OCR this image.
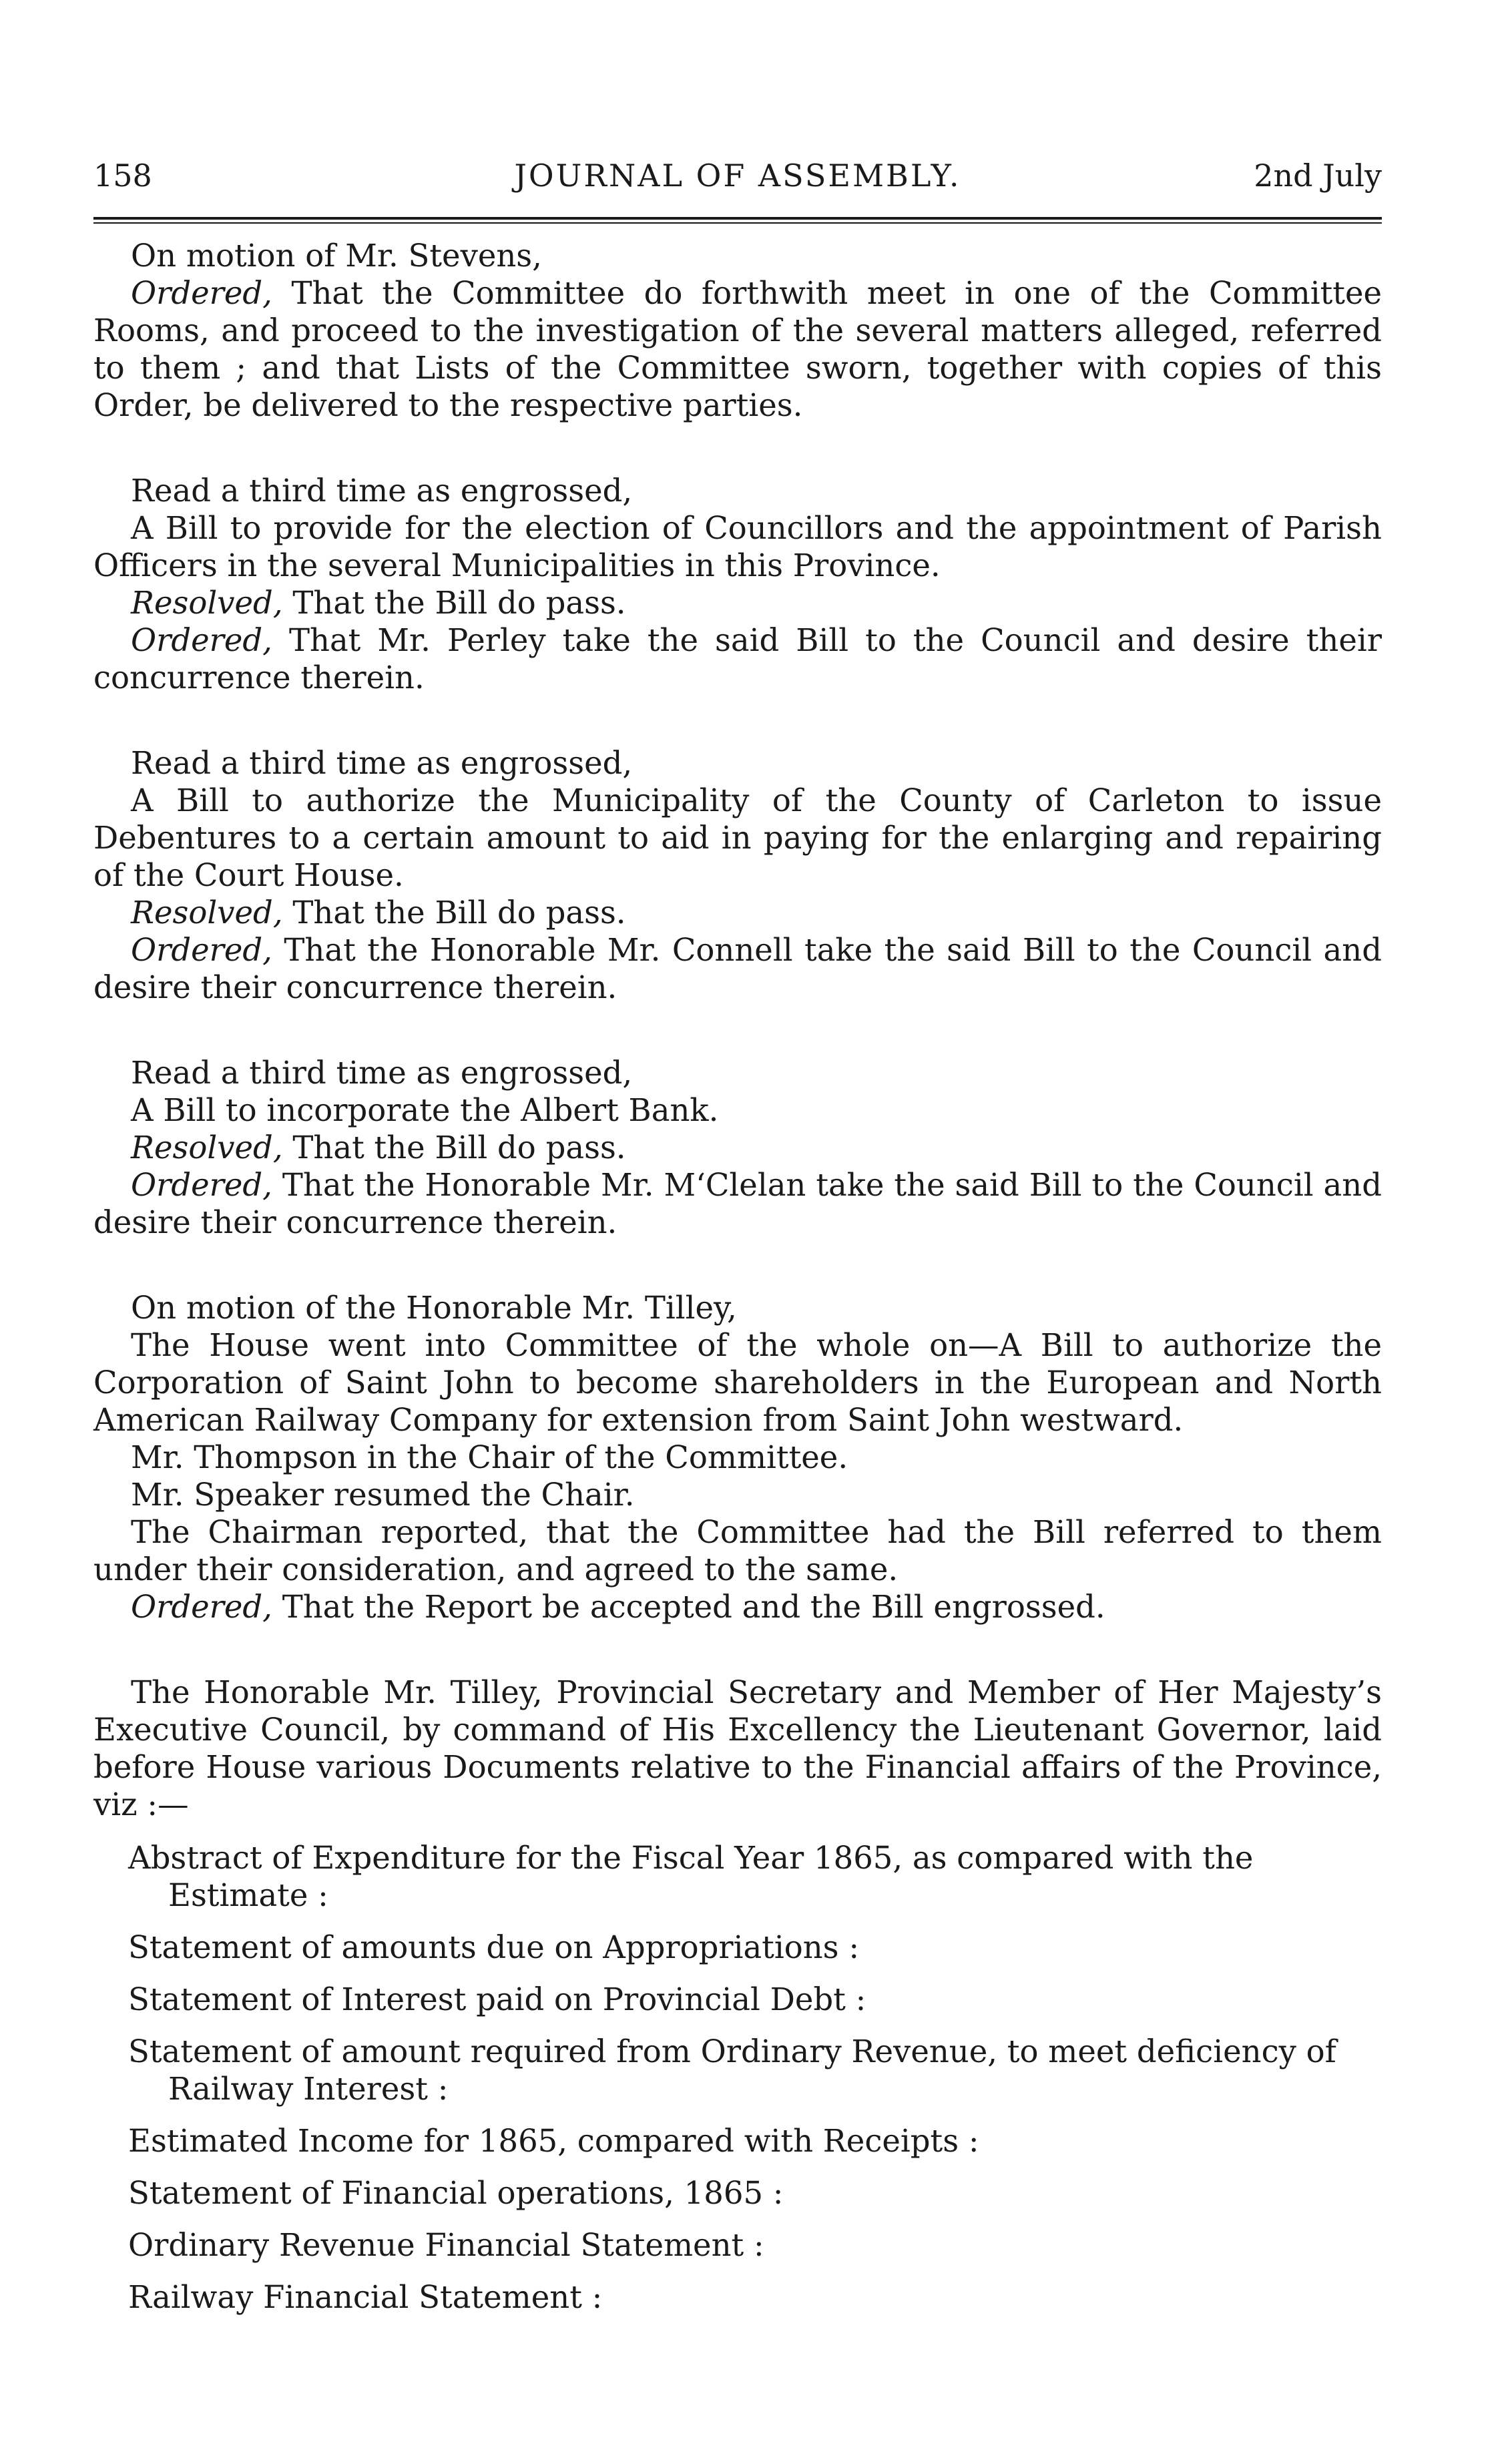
158	JOURNAL OF ASSEMBLY.	2nd July

On motion of Mr. Stevens,

Ordered, That the Committee do forthwith meet in one of the Committee Rooms, and proceed to the investigation of the several matters alleged, referred to them ; and that Lists of the Committee sworn, together with copies of this Order, be delivered to the respective parties.

Read a third time as engrossed,

A Bill to provide for the election of Councillors and the appointment of Parish Officers in the several Municipalities in this Province.

Resolved, That the Bill do pass.

Ordered, That Mr. Perley take the said Bill to the Council and desire their concurrence therein.

Read a third time as engrossed,

A Bill to authorize the Municipality of the County of Carleton to issue Debentures to a certain amount to aid in paying for the enlarging and repairing of the Court House.

Resolved, That the Bill do pass.

Ordered, That the Honorable Mr. Connell take the said Bill to the Council and desire their concurrence therein.

Read a third time as engrossed,

A Bill to incorporate the Albert Bank.

Resolved, That the Bill do pass.

Ordered, That the Honorable Mr. M‘Clelan take the said Bill to the Council and desire their concurrence therein.

On motion of the Honorable Mr. Tilley,

The House went into Committee of the whole on—A Bill to authorize the Corporation of Saint John to become shareholders in the European and North American Railway Company for extension from Saint John westward.

Mr. Thompson in the Chair of the Committee.

Mr. Speaker resumed the Chair.

The Chairman reported, that the Committee had the Bill referred to them under their consideration, and agreed to the same.

Ordered, That the Report be accepted and the Bill engrossed.

The Honorable Mr. Tilley, Provincial Secretary and Member of Her Majesty’s Executive Council, by command of His Excellency the Lieutenant Governor, laid before House various Documents relative to the Financial affairs of the Province, viz :—

Abstract of Expenditure for the Fiscal Year 1865, as compared with the Estimate :
Statement of amounts due on Appropriations :
Statement of Interest paid on Provincial Debt :
Statement of amount required from Ordinary Revenue, to meet deficiency of Railway Interest :
Estimated Income for 1865, compared with Receipts :
Statement of Financial operations, 1865 :
Ordinary Revenue Financial Statement :
Railway Financial Statement :
